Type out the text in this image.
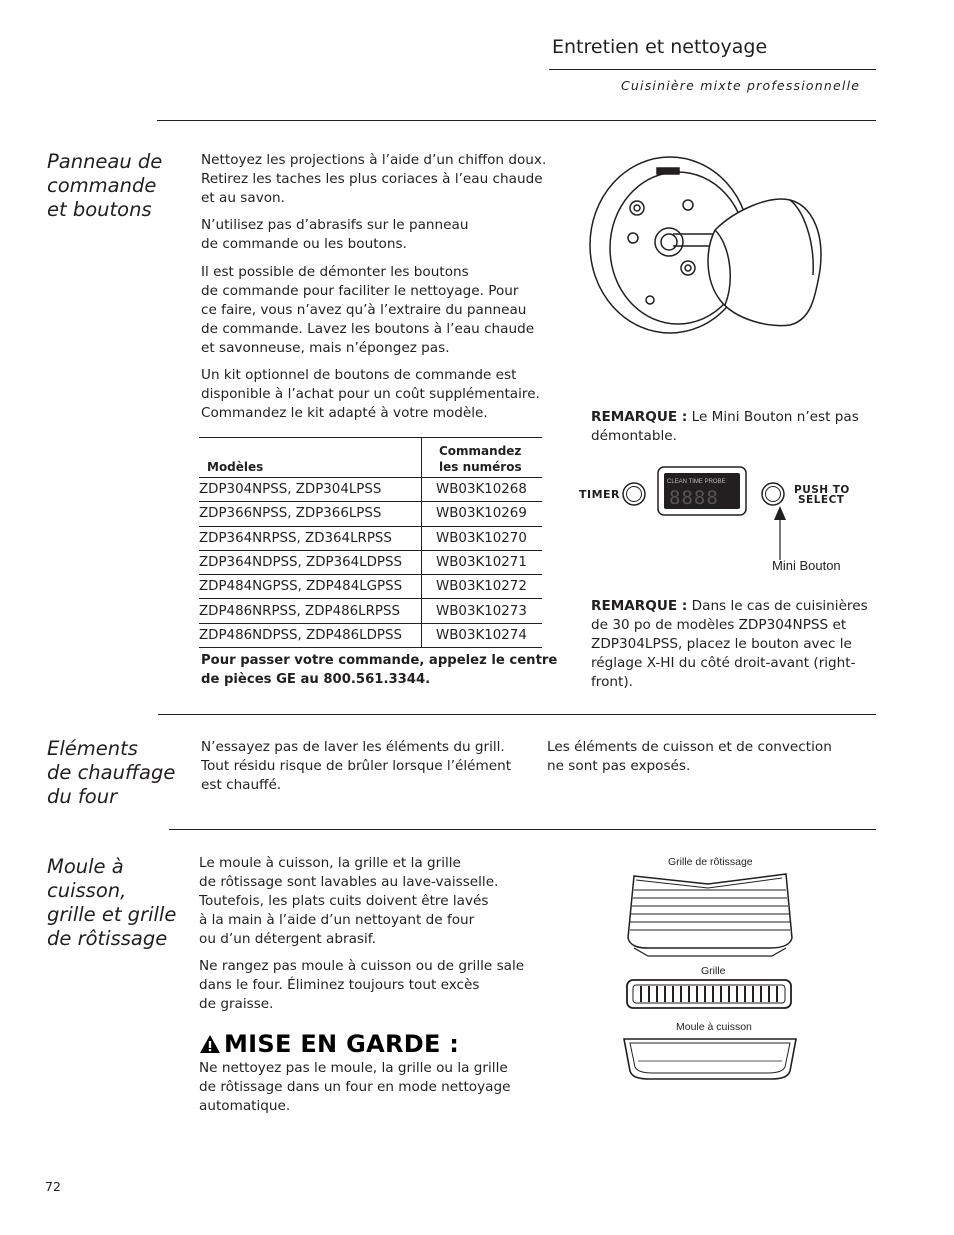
Entretien et nettoyage
Cuisinière mixte professionnelle
Panneau de
commande
et boutons
Nettoyez les projections à l’aide d’un chiffon doux.
Retirez les taches les plus coriaces à l’eau chaude
et au savon.
N’utilisez pas d’abrasifs sur le panneau
de commande ou les boutons.
Il est possible de démonter les boutons
de commande pour faciliter le nettoyage. Pour
ce faire, vous n’avez qu’à l’extraire du panneau
de commande. Lavez les boutons à l’eau chaude
et savonneuse, mais n’épongez pas.
Un kit optionnel de boutons de commande est
disponible à l’achat pour un coût supplémentaire.
Commandez le kit adapté à votre modèle.
Modèles	Commandez
les numéros
ZDP304NPSS, ZDP304LPSS	WB03K10268
ZDP366NPSS, ZDP366LPSS	WB03K10269
ZDP364NRPSS, ZD364LRPSS	WB03K10270
ZDP364NDPSS, ZDP364LDPSS	WB03K10271
ZDP484NGPSS, ZDP484LGPSS	WB03K10272
ZDP486NRPSS, ZDP486LRPSS	WB03K10273
ZDP486NDPSS, ZDP486LDPSS	WB03K10274
Pour passer votre commande, appelez le centre
de pièces GE au 800.561.3344.
REMARQUE : Le Mini Bouton n’est pas
démontable.
TIMER
CLEAN TIME PROBE
8888	PUSH TO
SELECT
Mini Bouton
REMARQUE : Dans le cas de cuisinières
de 30 po de modèles ZDP304NPSS et
ZDP304LPSS, placez le bouton avec le
réglage X-HI du côté droit-avant (right-
front).
Eléments
de chauffage
du four
N’essayez pas de laver les éléments du grill.
Tout résidu risque de brûler lorsque l’élément
est chauffé.
Les éléments de cuisson et de convection
ne sont pas exposés.
Moule à
cuisson,
grille et grille
de rôtissage
Le moule à cuisson, la grille et la grille
de rôtissage sont lavables au lave-vaisselle.
Toutefois, les plats cuits doivent être lavés
à la main à l’aide d’un nettoyant de four
ou d’un détergent abrasif.
Ne rangez pas moule à cuisson ou de grille sale
dans le four. Éliminez toujours tout excès
de graisse.
MISE EN GARDE :
Ne nettoyez pas le moule, la grille ou la grille
de rôtissage dans un four en mode nettoyage
automatique.
Grille de rôtissage
Grille
Moule à cuisson
72
